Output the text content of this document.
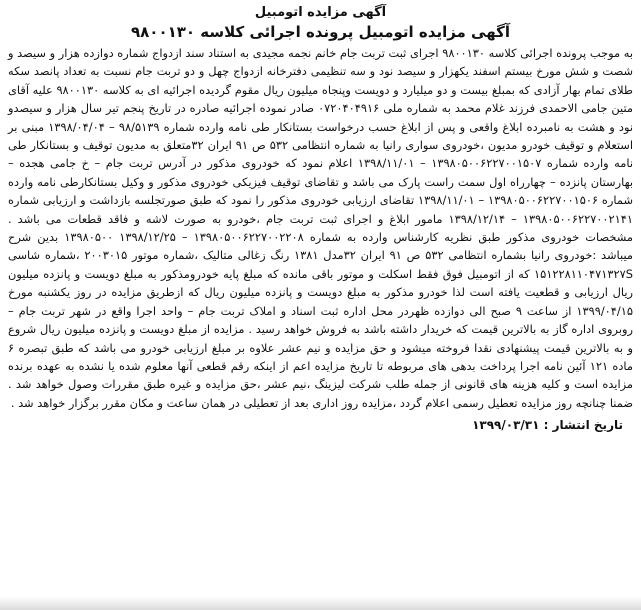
آگهی مزایده اتومبیل
آگهی مزایده اتومبیل پرونده اجرائی کلاسه ۹۸۰۰۱۳۰

به موجب پرونده اجرائی کلاسه ۹۸۰۰۱۳۰ اجرای ثبت تربت جام خانم نجمه مجیدی به استناد سند ازدواج شماره دوازده هزار و سیصد و شصت و شش مورخ بیستم اسفند یکهزار و سیصد نود و سه تنظیمی دفترخانه ازدواج چهل و دو تربت جام نسبت به تعداد پانصد سکه طلای تمام بهار آزادی که بمبلغ بیست و دو میلیارد و دویست وپنجاه میلیون ریال مقوم گردیده اجرائیه ای به کلاسه ۹۸۰۰۱۳۰ علیه آقای متین جامی الاحمدی فرزند غلام محمد به شماره ملی ۰۷۲۰۴۰۴۹۱۶ صادر نموده اجرائیه صادره در تاریخ پنجم تیر سال هزار و سیصدو نود و هشت به نامبرده ابلاغ واقعی و پس از ابلاغ حسب درخواست بستانکار طی نامه وارده شماره ۹۸/۵۱۳۹ – ۱۳۹۸/۰۴/۰۴ مبنی بر استعلام و توقیف خودرو مدیون ،خودروی سواری رانیا به شماره انتظامی ۵۳۲ ص ۹۱ ایران ۳۲متعلق به مدیون توقیف و بستانکار طی نامه وارده شماره ۱۳۹۸۰۵۰۰۶۲۲۷۰۰۱۵۰۷ – ۱۳۹۸/۱۱/۰۱ اعلام نمود که خودروی مذکور در آدرس تربت جام – خ جامی هجده – بهارستان پانزده – چهارراه اول سمت راست پارک می باشد و تقاضای توقیف فیزیکی خودروی مذکور و وکیل بستانکارطی نامه وارده شماره ۱۳۹۸۰۵۰۰۶۲۲۷۰۰۱۵۰۶ – ۱۳۹۸/۱۱/۰۱ تقاضای ارزیابی خودروی مذکور را نمود که طبق صورتجلسه بازداشت و ارزیابی شماره ۱۳۹۸۰۵۰۰۶۲۲۷۰۰۲۱۴۱ – ۱۳۹۸/۱۲/۱۴ مامور ابلاغ و اجرای ثبت تربت جام ،خودرو به صورت لاشه و فاقد قطعات می باشد . مشخصات خودروی مذکور طبق نظریه کارشناس وارده به شماره ۱۳۹۸۰۵۰۰۶۲۲۷۰۰۲۲۰۸ – ۱۳۹۸/۱۲/۲۵ ۱۳۹۸۰۵۰۰ بدین شرح میباشد :خودروی رانیا بشماره انتظامی ۵۳۲ ص ۹۱ ایران ۳۲مدل ۱۳۸۱ رنگ زغالی متالیک ،شماره موتور ۲۰۰۳۰۱۵ ،شماره شاسی ۱۵۱۲۲۸۱۱۰۴۷۱۳۲۷S که از اتومبیل فوق فقط اسکلت و موتور باقی مانده که مبلغ پایه خودرومذکور به مبلغ دویست و پانزده میلیون ریال ارزیابی و قطعیت یافته است لذا خودرو مذکور به مبلغ دویست و پانزده میلیون ریال که ازطریق مزایده در روز یکشنبه مورخ ۱۳۹۹/۰۴/۱۵ از ساعت ۹ صبح الی دوازده ظهردر محل اداره ثبت اسناد و املاک تربت جام – واحد اجرا واقع در شهر تربت جام – روبروی اداره گاز به بالاترین قیمت که خریدار داشته باشد به فروش خواهد رسید . مزایده از مبلغ دویست و پانزده میلیون ریال شروع و به بالاترین قیمت پیشنهادی نقدا فروخته میشود و حق مزایده و نیم عشر علاوه بر مبلغ ارزیابی خودرو می باشد که طبق تبصره ۶ ماده ۱۲۱ آئین نامه اجرا پرداخت بدهی های مربوطه تا تاریخ مزایده اعم از اینکه رقم قطعی آنها معلوم شده یا نشده به عهده برنده مزایده است و کلیه هزینه های قانونی از جمله طلب شرکت لیزینگ ،نیم عشر ،حق مزایده و غیره طبق مقررات وصول خواهد شد . ضمنا چنانچه روز مزایده تعطیل رسمی اعلام گردد ،مزایده روز اداری بعد از تعطیلی در همان ساعت و مکان مقرر برگزار خواهد شد .

تاریخ انتشار : ۱۳۹۹/۰۳/۳۱
